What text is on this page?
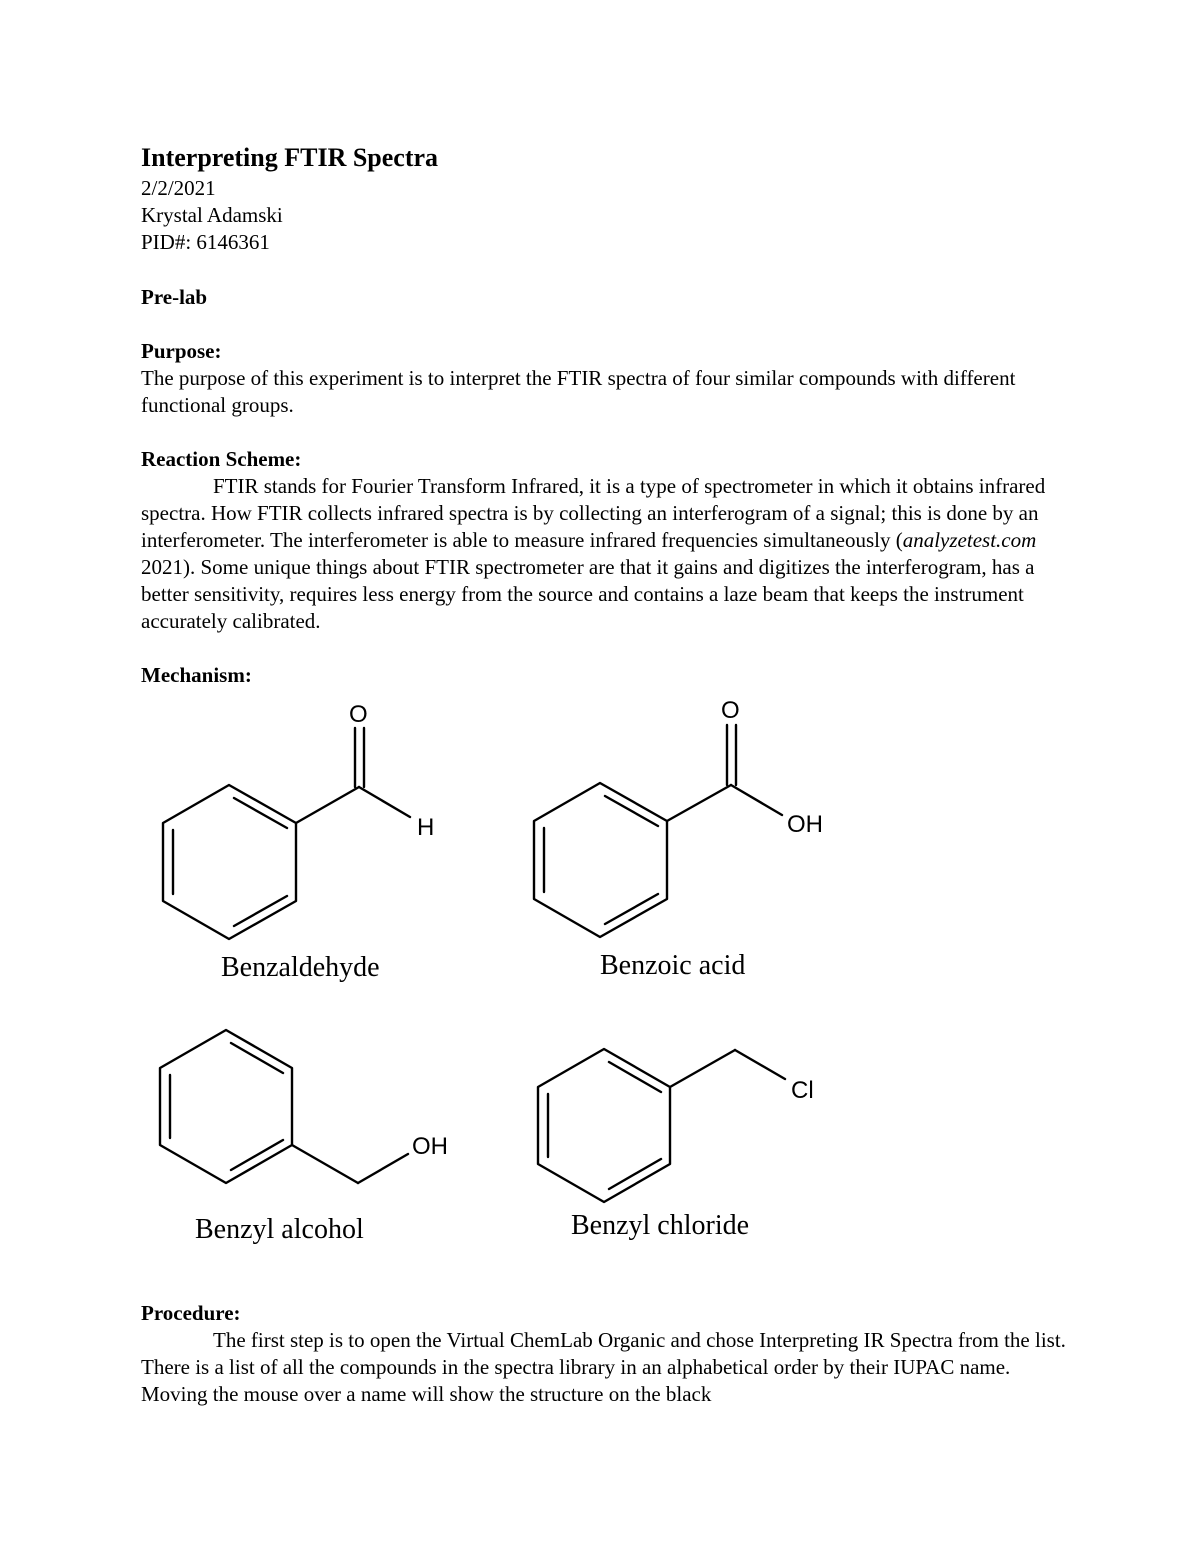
Interpreting FTIR Spectra
2/2/2021
Krystal Adamski
PID#: 6146361
Pre-lab
Purpose:
The purpose of this experiment is to interpret the FTIR spectra of four similar compounds with different functional groups.
Reaction Scheme:
FTIR stands for Fourier Transform Infrared, it is a type of spectrometer in which it obtains infrared spectra. How FTIR collects infrared spectra is by collecting an interferogram of a signal; this is done by an interferometer. The interferometer is able to measure infrared frequencies simultaneously (analyzetest.com 2021). Some unique things about FTIR spectrometer are that it gains and digitizes the interferogram, has a better sensitivity, requires less energy from the source and contains a laze beam that keeps the instrument accurately calibrated.
Mechanism:
O
H
O
OH
OH
Cl
Benzaldehyde	Benzoic acid
Benzyl alcohol	Benzyl chloride
Procedure:
The first step is to open the Virtual ChemLab Organic and chose Interpreting IR Spectra from the list. There is a list of all the compounds in the spectra library in an alphabetical order by their IUPAC name. Moving the mouse over a name will show the structure on the black
